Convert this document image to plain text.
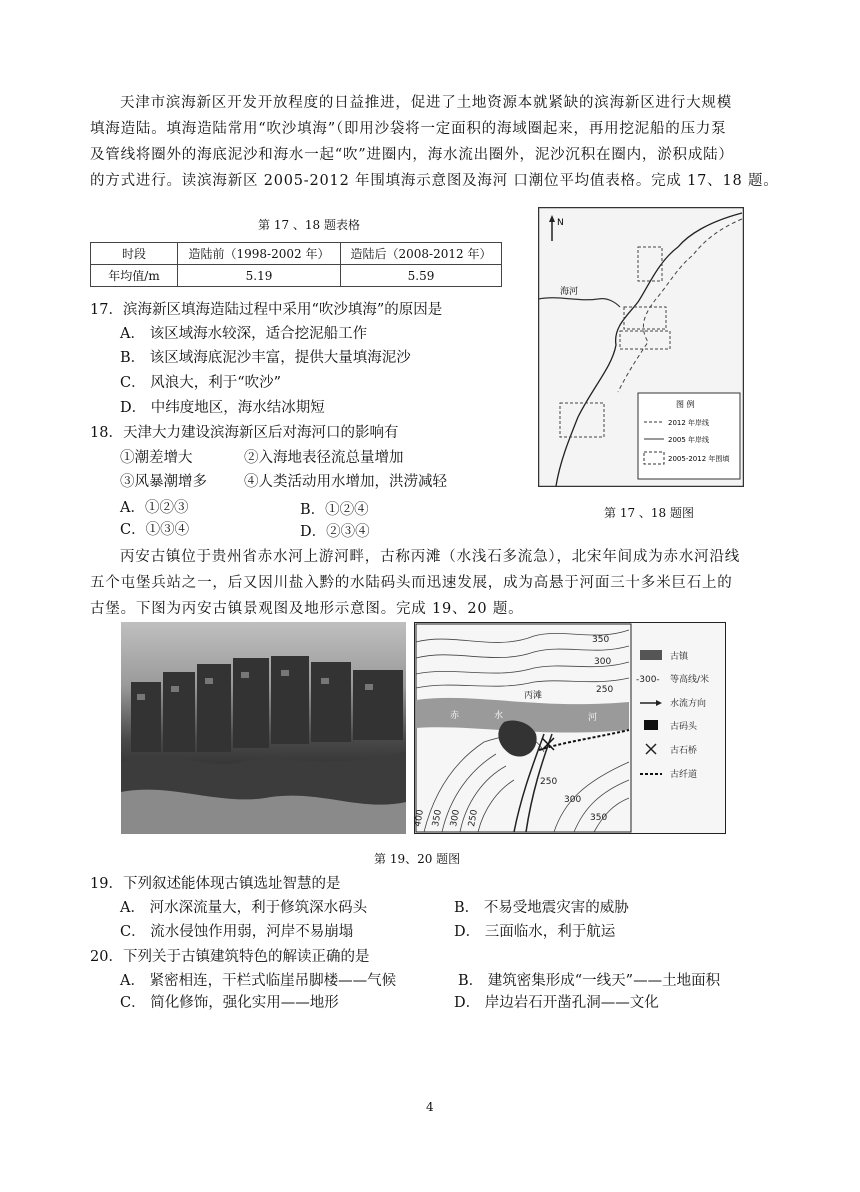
天津市滨海新区开发开放程度的日益推进，促进了土地资源本就紧缺的滨海新区进行大规模
填海造陆。填海造陆常用“吹沙填海”（即用沙袋将一定面积的海域圈起来，再用挖泥船的压力泵
及管线将圈外的海底泥沙和海水一起“吹”进圈内，海水流出圈外，泥沙沉积在圈内，淤积成陆）
的方式进行。读滨海新区 2005-2012 年围填海示意图及海河 口潮位平均值表格。完成 17、18 题。
第 17 、18 题表格
时段	造陆前（1998-2002 年）	造陆后（2008-2012 年）
年均值/m	5.19	5.59
N
海河
图 例
2012 年岸线
2005 年岸线
2005-2012 年围填
第 17 、18 题图
17．滨海新区填海造陆过程中采用“吹沙填海”的原因是
A． 该区域海水较深，适合挖泥船工作
B． 该区域海底泥沙丰富，提供大量填海泥沙
C． 风浪大，利于“吹沙”
D． 中纬度地区，海水结冰期短
18．天津大力建设滨海新区后对海河口的影响有
①潮差增大	②入海地表径流总量增加
③风暴潮增多	④人类活动用水增加，洪涝减轻
A．①②③	B．①②④
C．①③④	D．②③④
丙安古镇位于贵州省赤水河上游河畔，古称丙滩（水浅石多流急），北宋年间成为赤水河沿线
五个屯堡兵站之一，后又因川盐入黔的水陆码头而迅速发展，成为高悬于河面三十多米巨石上的
古堡。下图为丙安古镇景观图及地形示意图。完成 19、20 题。
350
300
250
250
300
350
400 350 300 250
丙滩
赤	水	河
古镇
-300- 等高线/米
水流方向
古码头
古石桥
古纤道
第 19、20 题图
19．下列叙述能体现古镇选址智慧的是
A． 河水深流量大，利于修筑深水码头	B． 不易受地震灾害的威胁
C． 流水侵蚀作用弱，河岸不易崩塌	D． 三面临水，利于航运
20．下列关于古镇建筑特色的解读正确的是
A． 紧密相连，干栏式临崖吊脚楼——气候	B． 建筑密集形成“一线天”——土地面积
C． 简化修饰，强化实用——地形	D． 岸边岩石开凿孔洞——文化
4
